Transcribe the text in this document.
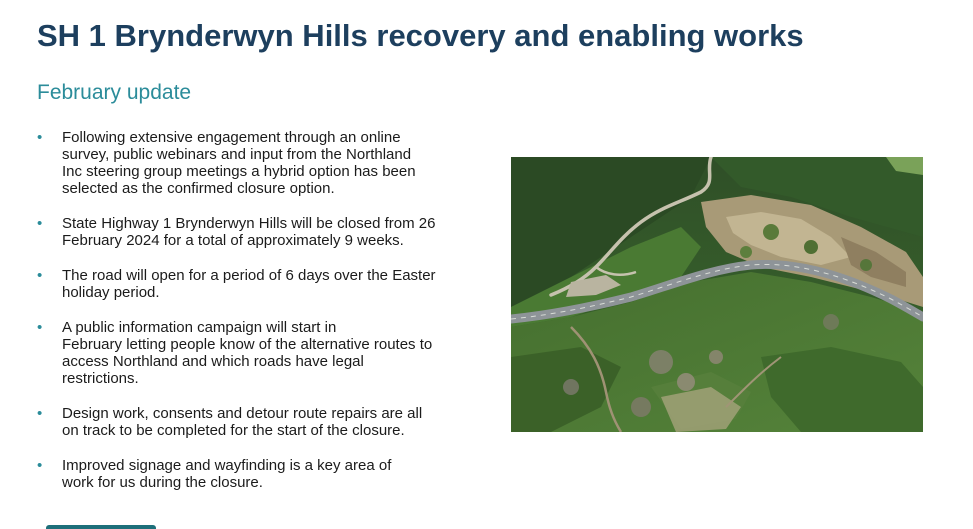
SH 1 Brynderwyn Hills recovery and enabling works
February update
•	Following extensive engagement through an online
survey, public webinars and input from the Northland
Inc steering group meetings a hybrid option has been
selected as the confirmed closure option.
•	State Highway 1 Brynderwyn Hills will be closed from 26
February 2024 for a total of approximately 9 weeks.
•	The road will open for a period of 6 days over the Easter
holiday period.
•	A public information campaign will start in
February letting people know of the alternative routes to
access Northland and which roads have legal
restrictions.
•	Design work, consents and detour route repairs are all
on track to be completed for the start of the closure.
•	Improved signage and wayfinding is a key area of
work for us during the closure.
